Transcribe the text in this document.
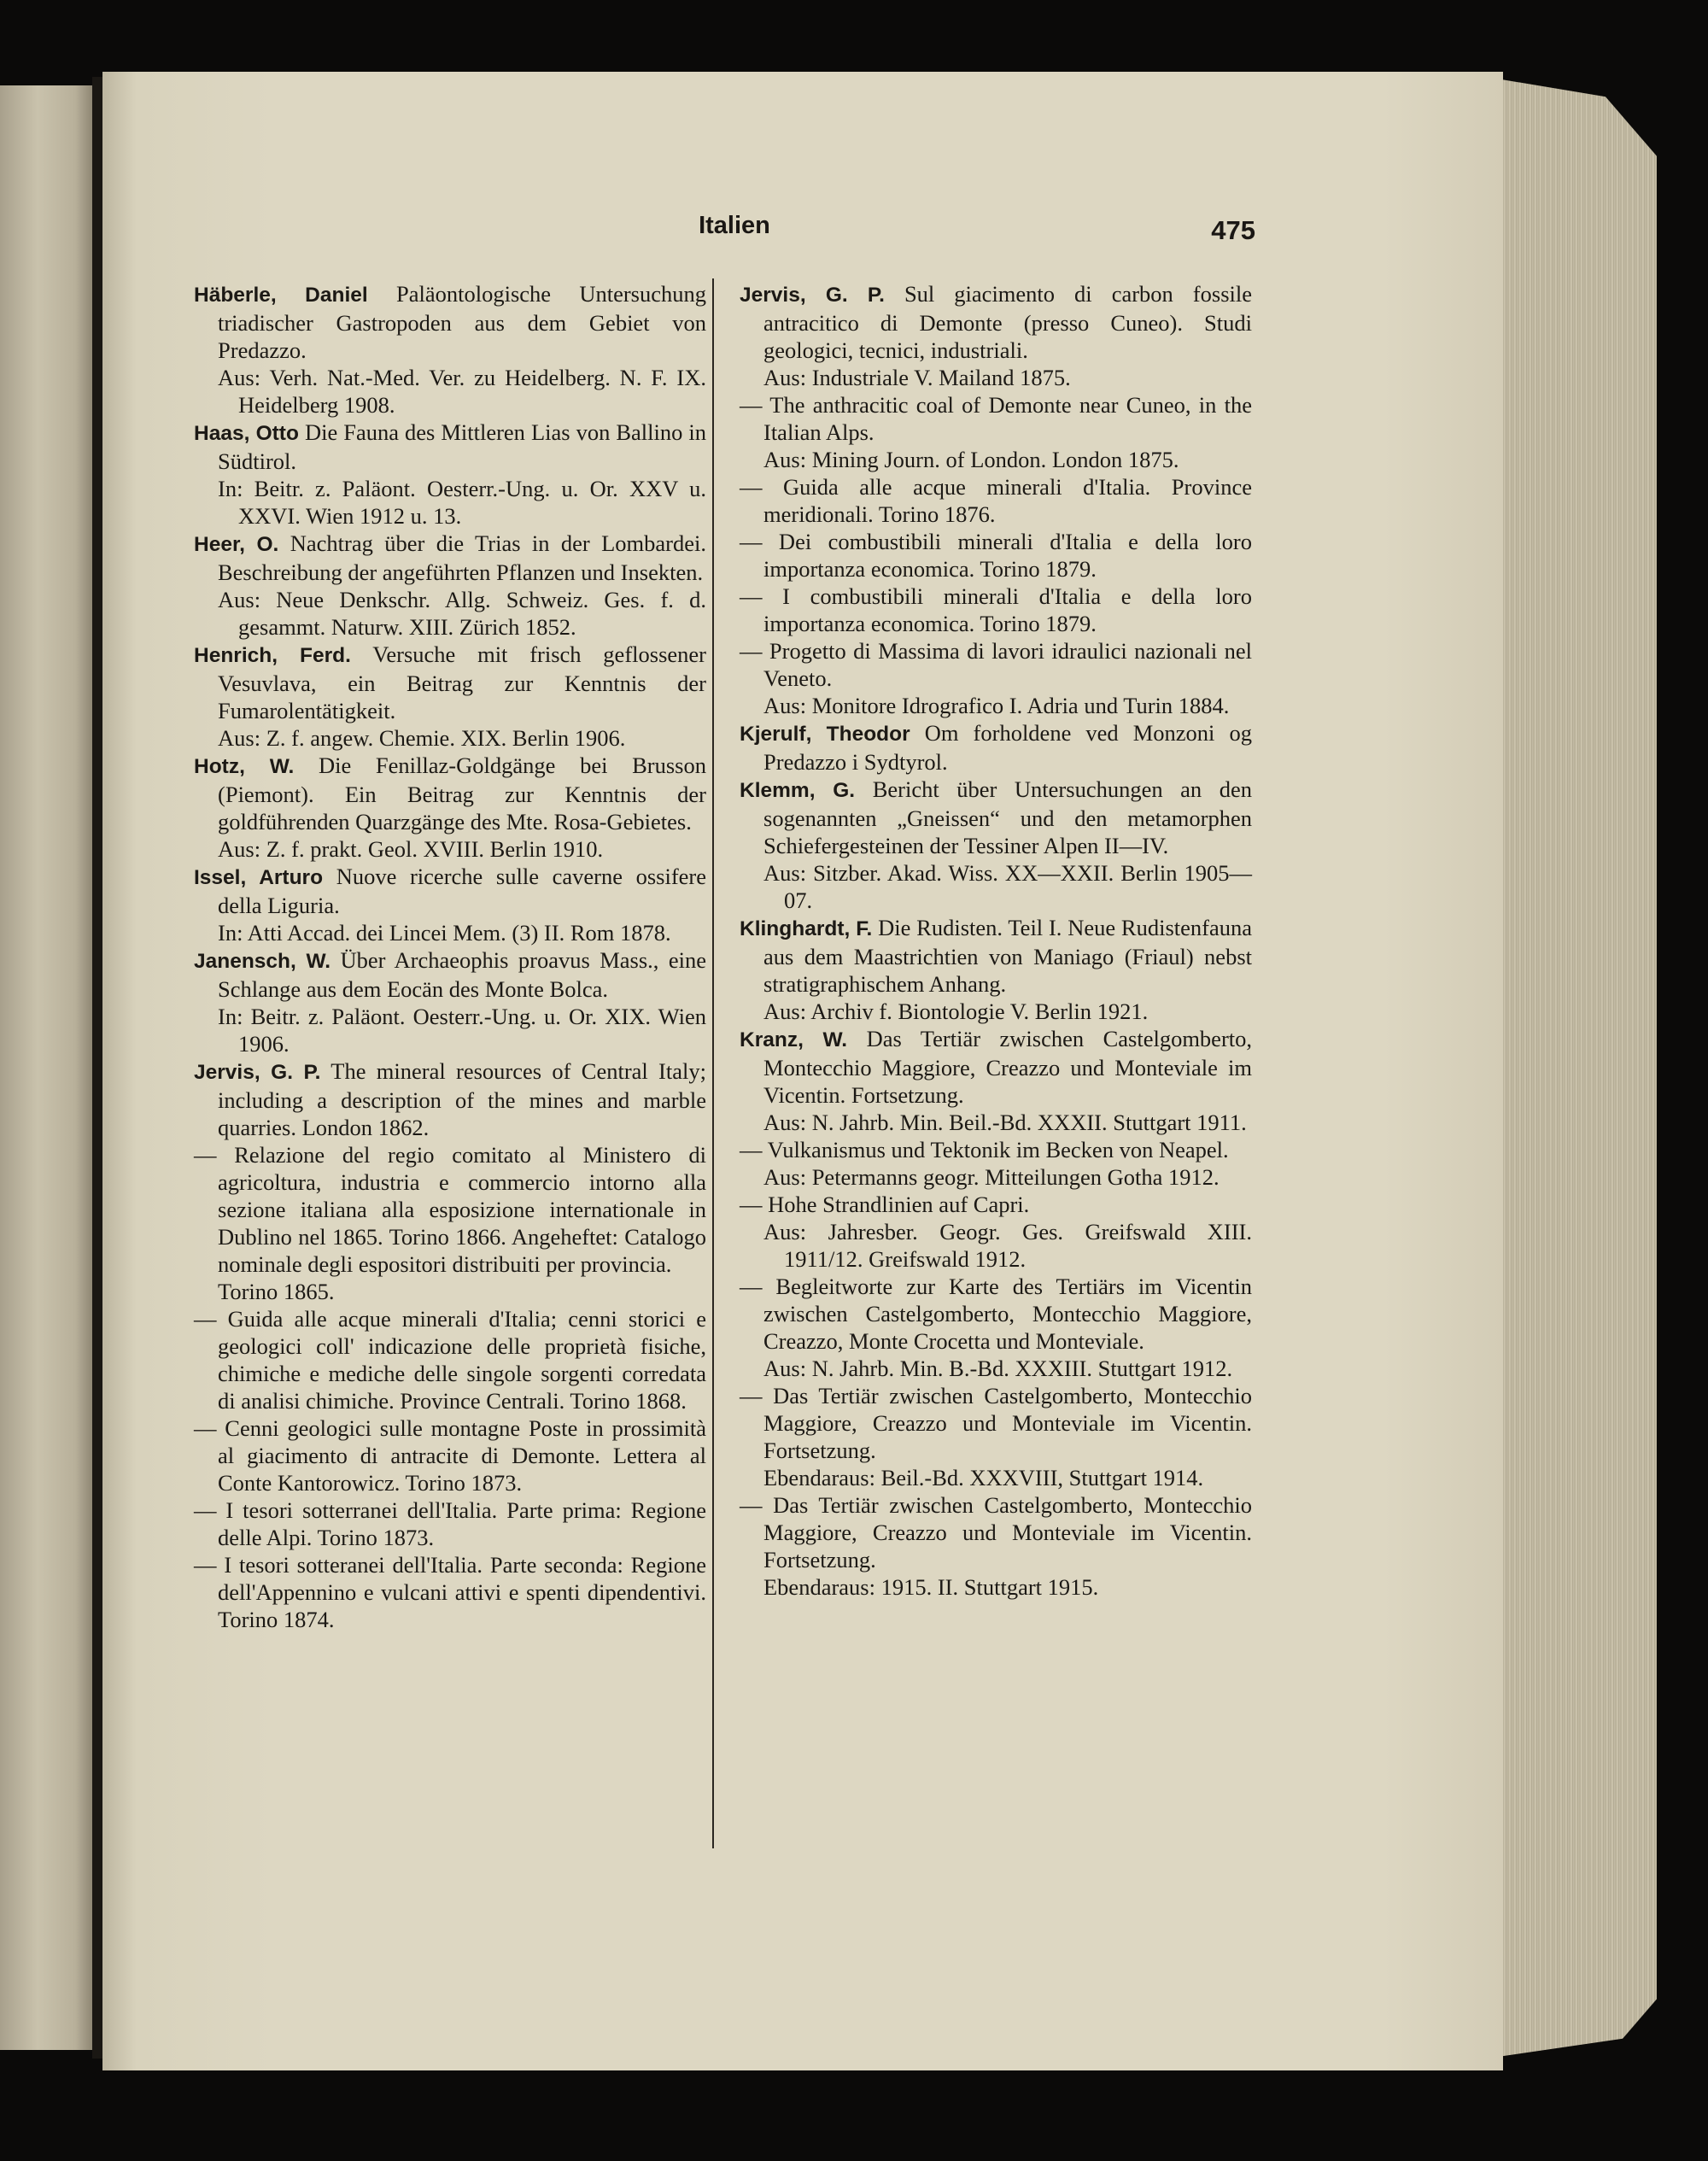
Italien	475

Häberle, Daniel Paläontologische Untersuchung triadischer Gastropoden aus dem Gebiet von Predazzo.

Aus: Verh. Nat.-Med. Ver. zu Heidelberg. N. F. IX. Heidelberg 1908.

Haas, Otto Die Fauna des Mittleren Lias von Ballino in Südtirol.

In: Beitr. z. Paläont. Oesterr.-Ung. u. Or. XXV u. XXVI. Wien 1912 u. 13.

Heer, O. Nachtrag über die Trias in der Lombardei. Beschreibung der angeführten Pflanzen und Insekten.

Aus: Neue Denkschr. Allg. Schweiz. Ges. f. d. gesammt. Naturw. XIII. Zürich 1852.

Henrich, Ferd. Versuche mit frisch geflossener Vesuvlava, ein Beitrag zur Kenntnis der Fumarolentätigkeit.

Aus: Z. f. angew. Chemie. XIX. Berlin 1906.

Hotz, W. Die Fenillaz-Goldgänge bei Brusson (Piemont). Ein Beitrag zur Kenntnis der goldführenden Quarzgänge des Mte. Rosa-Gebietes.

Aus: Z. f. prakt. Geol. XVIII. Berlin 1910.

Issel, Arturo Nuove ricerche sulle caverne ossifere della Liguria.

In: Atti Accad. dei Lincei Mem. (3) II. Rom 1878.

Janensch, W. Über Archaeophis proavus Mass., eine Schlange aus dem Eocän des Monte Bolca.

In: Beitr. z. Paläont. Oesterr.-Ung. u. Or. XIX. Wien 1906.

Jervis, G. P. The mineral resources of Central Italy; including a description of the mines and marble quarries. London 1862.

— Relazione del regio comitato al Ministero di agricoltura, industria e commercio intorno alla sezione italiana alla esposizione internationale in Dublino nel 1865. Torino 1866. Angeheftet: Catalogo nominale degli espositori distribuiti per provincia.

Torino 1865.

— Guida alle acque minerali d'Italia; cenni storici e geologici coll' indicazione delle proprietà fisiche, chimiche e mediche delle singole sorgenti corredata di analisi chimiche. Province Centrali. Torino 1868.

— Cenni geologici sulle montagne Poste in prossimità al giacimento di antracite di Demonte. Lettera al Conte Kantorowicz. Torino 1873.

— I tesori sotterranei dell'Italia. Parte prima: Regione delle Alpi. Torino 1873.

— I tesori sotteranei dell'Italia. Parte seconda: Regione dell'Appennino e vulcani attivi e spenti dipendentivi. Torino 1874.

Jervis, G. P. Sul giacimento di carbon fossile antracitico di Demonte (presso Cuneo). Studi geologici, tecnici, industriali.

Aus: Industriale V. Mailand 1875.

— The anthracitic coal of Demonte near Cuneo, in the Italian Alps.

Aus: Mining Journ. of London. London 1875.

— Guida alle acque minerali d'Italia. Province meridionali. Torino 1876.

— Dei combustibili minerali d'Italia e della loro importanza economica. Torino 1879.

— I combustibili minerali d'Italia e della loro importanza economica. Torino 1879.

— Progetto di Massima di lavori idraulici nazionali nel Veneto.

Aus: Monitore Idrografico I. Adria und Turin 1884.

Kjerulf, Theodor Om forholdene ved Monzoni og Predazzo i Sydtyrol.

Klemm, G. Bericht über Untersuchungen an den sogenannten „Gneissen“ und den metamorphen Schiefergesteinen der Tessiner Alpen II—IV.

Aus: Sitzber. Akad. Wiss. XX—XXII. Berlin 1905—07.

Klinghardt, F. Die Rudisten. Teil I. Neue Rudistenfauna aus dem Maastrichtien von Maniago (Friaul) nebst stratigraphischem Anhang.

Aus: Archiv f. Biontologie V. Berlin 1921.

Kranz, W. Das Tertiär zwischen Castelgomberto, Montecchio Maggiore, Creazzo und Monteviale im Vicentin. Fortsetzung.

Aus: N. Jahrb. Min. Beil.-Bd. XXXII. Stuttgart 1911.

— Vulkanismus und Tektonik im Becken von Neapel.

Aus: Petermanns geogr. Mitteilungen Gotha 1912.

— Hohe Strandlinien auf Capri.

Aus: Jahresber. Geogr. Ges. Greifswald XIII. 1911/12. Greifswald 1912.

— Begleitworte zur Karte des Tertiärs im Vicentin zwischen Castelgomberto, Montecchio Maggiore, Creazzo, Monte Crocetta und Monteviale.

Aus: N. Jahrb. Min. B.-Bd. XXXIII. Stuttgart 1912.

— Das Tertiär zwischen Castelgomberto, Montecchio Maggiore, Creazzo und Monteviale im Vicentin. Fortsetzung.

Ebendaraus: Beil.-Bd. XXXVIII, Stuttgart 1914.

— Das Tertiär zwischen Castelgomberto, Montecchio Maggiore, Creazzo und Monteviale im Vicentin. Fortsetzung.

Ebendaraus: 1915. II. Stuttgart 1915.
